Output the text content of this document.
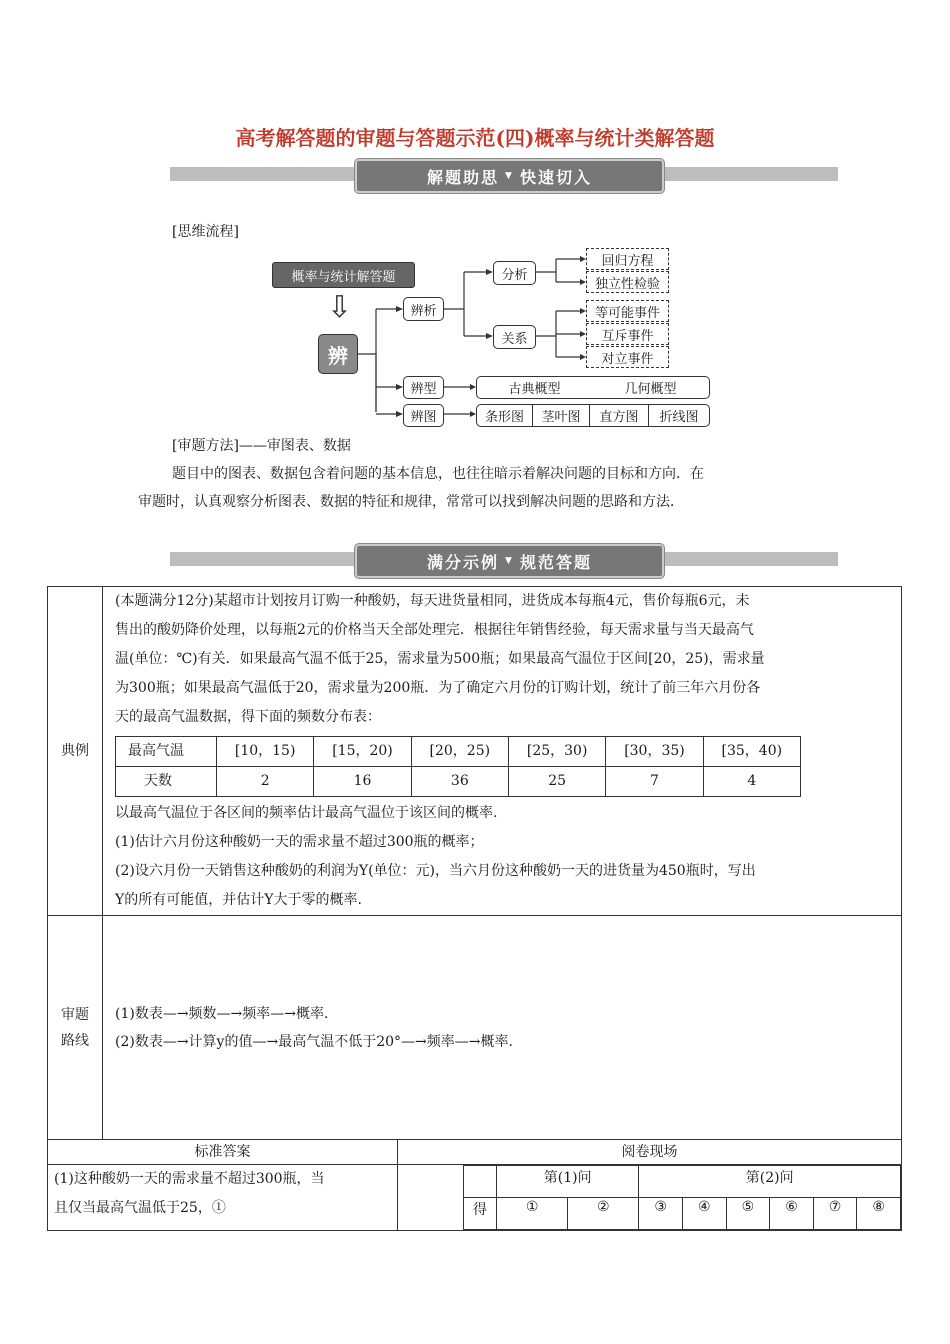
高考解答题的审题与答题示范(四)概率与统计类解答题
解题助思 ▼ 快速切入
[思维流程]
概率与统计解答题
⇩
辨
辨析
分析
关系
回归方程
独立性检验
等可能事件
互斥事件
对立事件
辨型	古典概型	几何概型
辨图	条形图	茎叶图	直方图	折线图
[审题方法]——审图表、数据
题目中的图表、数据包含着问题的基本信息，也往往暗示着解决问题的目标和方向．在
审题时，认真观察分析图表、数据的特征和规律，常常可以找到解决问题的思路和方法．
满分示例 ▼ 规范答题
典例	
(本题满分12分)某超市计划按月订购一种酸奶，每天进货量相同，进货成本每瓶4元，售价每瓶6元，未
售出的酸奶降价处理，以每瓶2元的价格当天全部处理完．根据往年销售经验，每天需求量与当天最高气
温(单位：℃)有关．如果最高气温不低于25，需求量为500瓶；如果最高气温位于区间[20，25)，需求量
为300瓶；如果最高气温低于20，需求量为200瓶．为了确定六月份的订购计划，统计了前三年六月份各
天的最高气温数据，得下面的频数分布表：
最高气温	[10，15)	[15，20)	[20，25)	[25，30)	[30，35)	[35，40)
天数	2	16	36	25	7	4
以最高气温位于各区间的频率估计最高气温位于该区间的概率.
(1)估计六月份这种酸奶一天的需求量不超过300瓶的概率；
(2)设六月份一天销售这种酸奶的利润为Y(单位：元)，当六月份这种酸奶一天的进货量为450瓶时，写出
Y的所有可能值，并估计Y大于零的概率.

审题
路线

(1)数表—→频数—→频率—→概率.
(2)数表—→计算y的值—→最高气温不低于20°—→频率—→概率.

标准答案	阅卷现场

(1)这种酸奶一天的需求量不超过300瓶，当
且仅当最高气温低于25，①

	第(1)问	第(2)问
得	①	②	③	④	⑤	⑥	⑦	⑧
